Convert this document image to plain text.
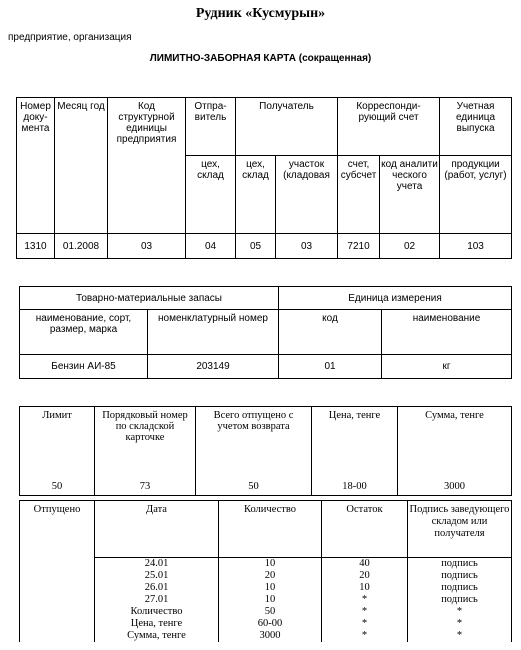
Рудник «Кусмурын»
предприятие, организация
ЛИМИТНО-ЗАБОРНАЯ КАРТА (сокращенная)
Номер доку-мента	Месяц год	Код структурной единицы предприятия	Отпра-витель	Получатель		Корреспонди-рующий счет		Учетная единица выпуска
			цех, склад	цех, склад	участок (кладовая	счет, субсчет	код аналити ческого учета	продукции (работ, услуг)
1310	01.2008	03	04	05	03	7210	02	103
Товарно-материальные запасы		Единица измерения	
наименование, сорт, размер, марка	номенклатурный номер	код	наименование
Бензин АИ-85	203149	01	кг
Лимит	Порядковый номер по складской карточке	Всего отпущено с учетом возврата	Цена, тенге	Сумма, тенге
50	73	50	18-00	3000
Отпущено	Дата	Количество	Остаток	Подпись заведующего складом или получателя
	24.01	10	40	подпись
	25.01	20	20	подпись
	26.01	10	10	подпись
	27.01	10	*	подпись
	Количество	50	*	*
	Цена, тенге	60-00	*	*
	Сумма, тенге	3000	*	*
